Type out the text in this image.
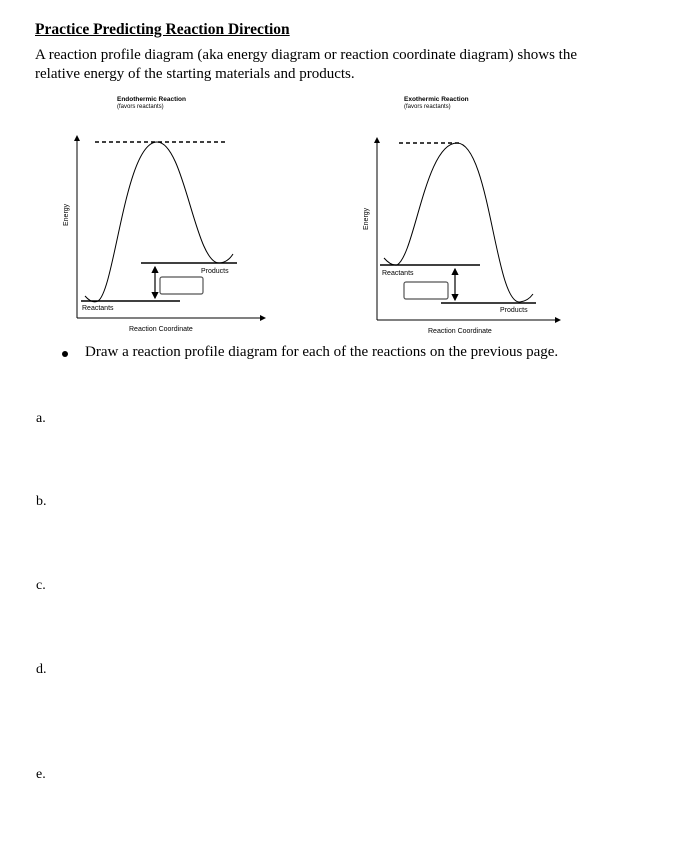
Practice Predicting Reaction Direction
A reaction profile diagram (aka energy diagram or reaction coordinate diagram) shows the
relative energy of the starting materials and products.
Endothermic Reaction
(favors reactants)
Products
Reactants
Energy
Reaction Coordinate
Exothermic Reaction
(favors reactants)
Reactants
Products
Energy
Reaction Coordinate
Draw a reaction profile diagram for each of the reactions on the previous page.
a.
b.
c.
d.
e.
